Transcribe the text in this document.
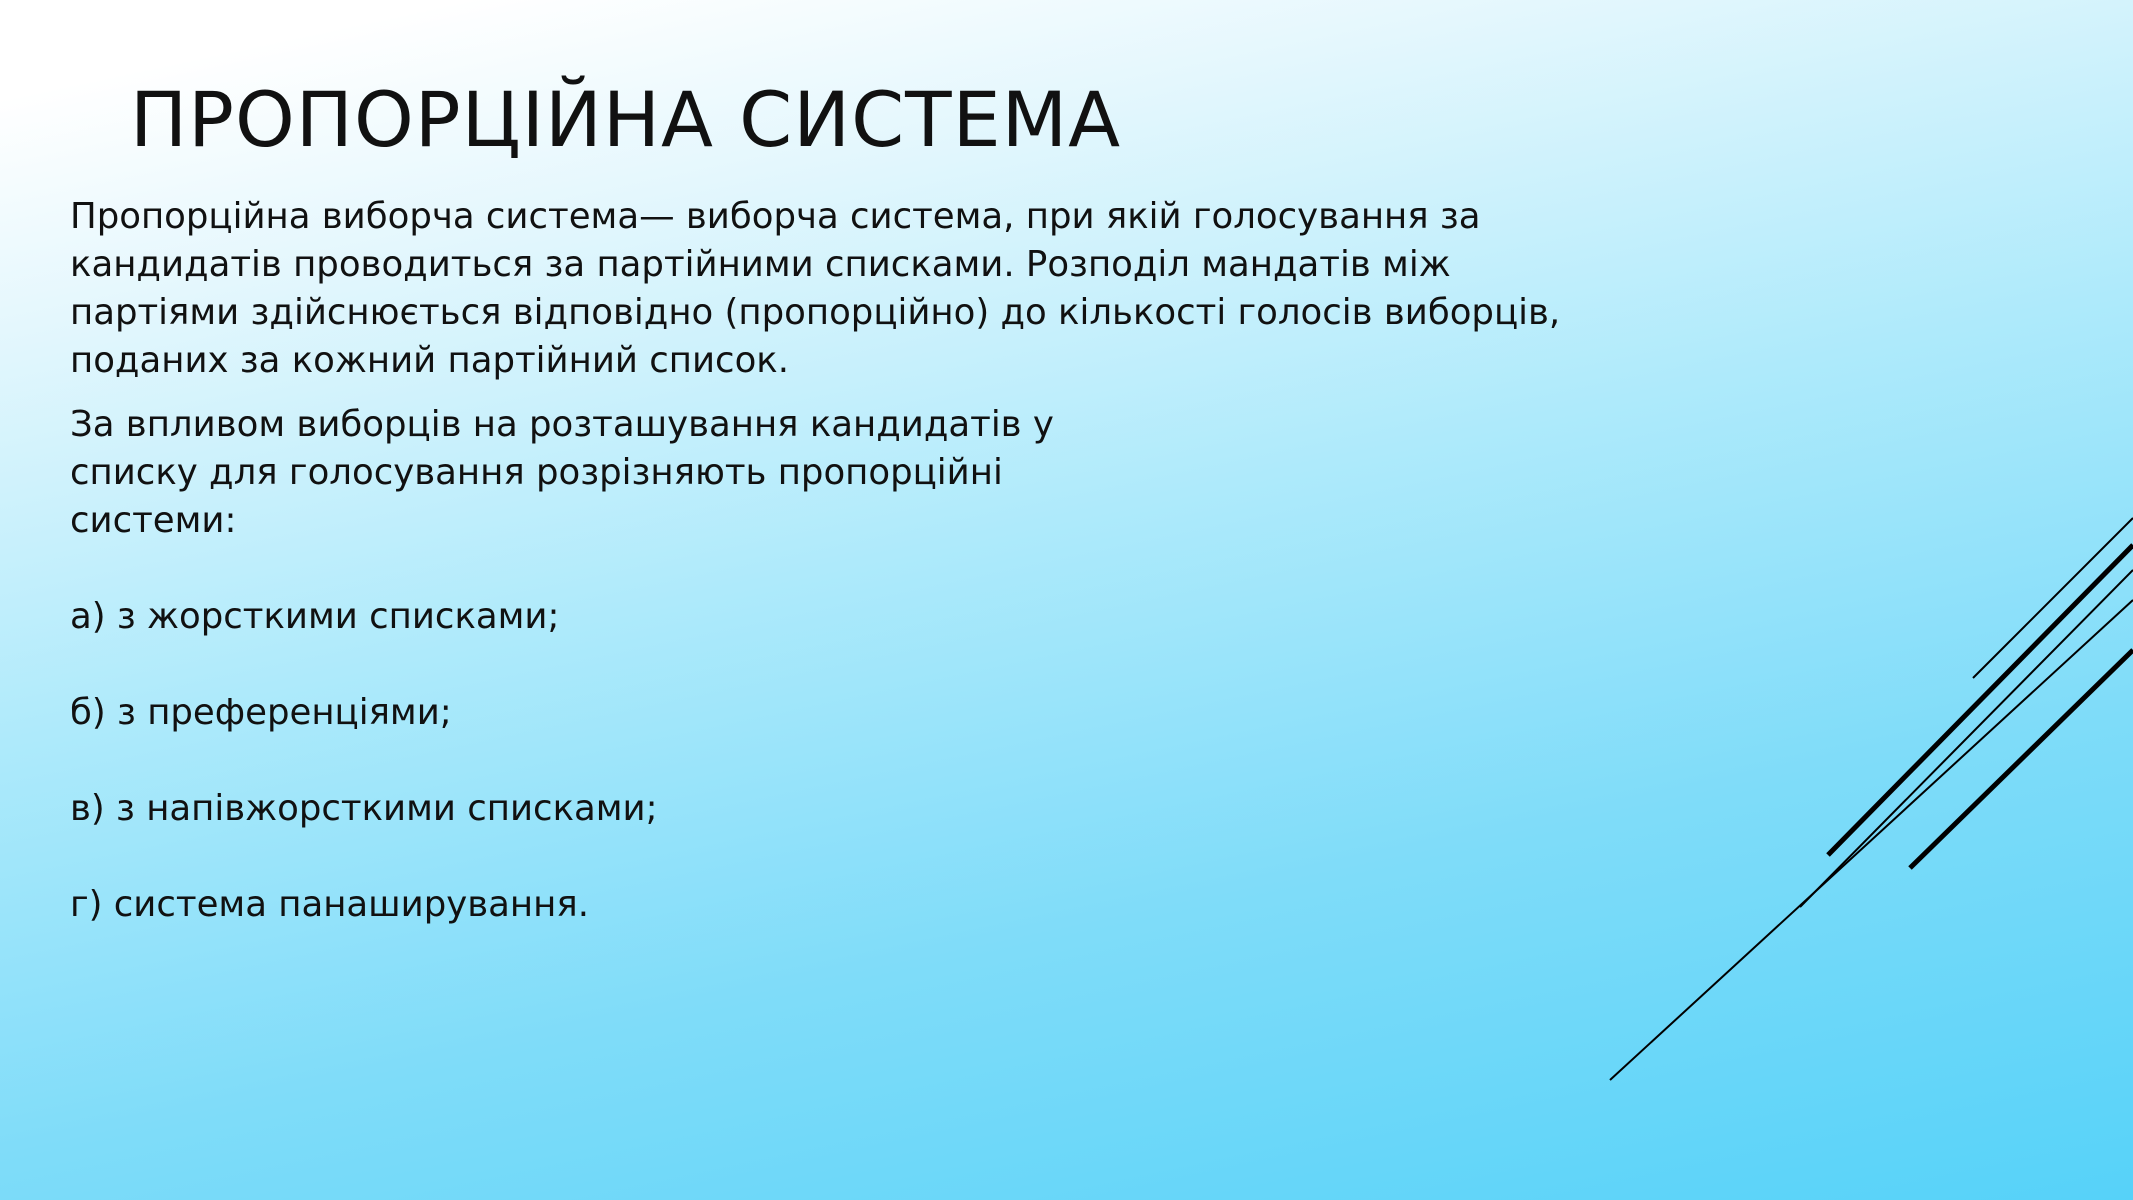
ПРОПОРЦІЙНА СИСТЕМА

Пропорційна виборча система— виборча система, при якій голосування за кандидатів проводиться за партійними списками. Розподіл мандатів між партіями здійснюється відповідно (пропорційно) до кількості голосів виборців, поданих за кожний партійний список.

За впливом виборців на розташування кандидатів у списку для голосування розрізняють пропорційні системи:

а) з жорсткими списками;
б) з преференціями;
в) з напівжорсткими списками;
г) система панаширування.
